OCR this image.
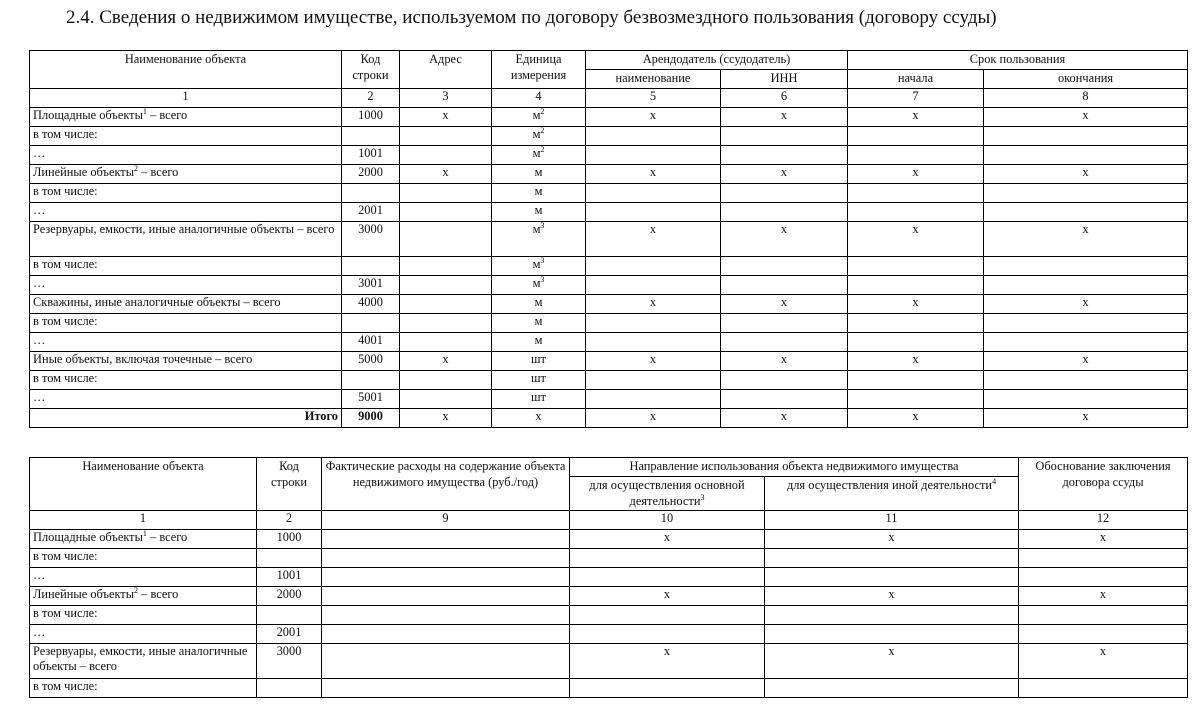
2.4. Сведения о недвижимом имуществе, используемом по договору безвозмездного пользования (договору ссуды)
Наименование объекта	Код строки	Адрес	Единица измерения	Арендодатель (ссудодатель)		Срок пользования	
				наименование	ИНН	начала	окончания
1	2	3	4	5	6	7	8
Площадные объекты$^1$ – всего	1000	х	$м^2$	х	х	х	х
в том числе:			$м^2$				
…	1001		$м^2$				
Линейные объекты$^2$ – всего	2000	х	м	х	х	х	х
в том числе:			м				
…	2001		м				
Резервуары, емкости, иные аналогичные объекты – всего	3000		$м^3$	х	х	х	х
в том числе:			$м^3$				
…	3001		$м^3$				
Скважины, иные аналогичные объекты – всего	4000		м	х	х	х	х
в том числе:			м				
…	4001		м				
Иные объекты, включая точечные – всего	5000	х	шт	х	х	х	х
в том числе:			шт				
…	5001		шт				
Итого	9000	х	х	х	х	х	х
Наименование объекта	Код строки	Фактические расходы на содержание объекта недвижимого имущества (руб./год)	Направление использования объекта недвижимого имущества		Обоснование заключения договора ссуды
			для осуществления основной деятельности$^3$	для осуществления иной деятельности$^4$
1	2	9	10	11	12
Площадные объекты$^1$ – всего	1000		х	х	х
в том числе:					
…	1001				
Линейные объекты$^2$ – всего	2000		х	х	х
в том числе:					
…	2001				
Резервуары, емкости, иные аналогичные объекты – всего	3000		х	х	х
в том числе:					
